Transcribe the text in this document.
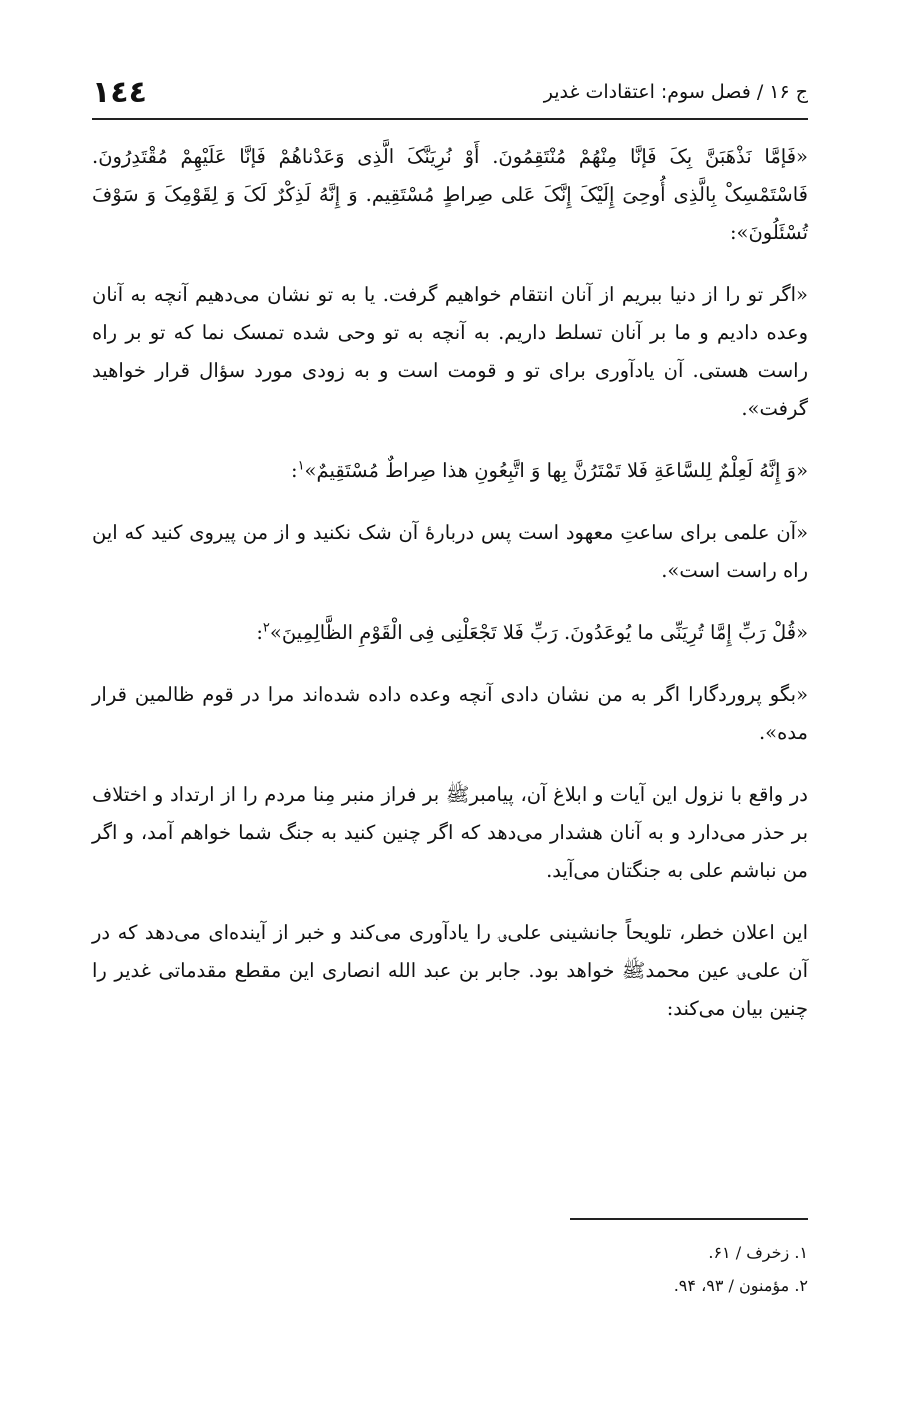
١٤٤	ج ١۶ / فصل سوم: اعتقادات غدیر

«فَإمَّا نَذْهَبَنَّ بِکَ فَإنَّا مِنْهُمْ مُنْتَقِمُونَ. أَوْ نُرِیَنَّکَ الَّذِی وَعَدْناهُمْ فَإنَّا عَلَیْهِمْ مُقْتَدِرُونَ. فَاسْتَمْسِکْ بِالَّذِی أُوحِیَ إِلَیْکَ إِنَّکَ عَلی صِراطٍ مُسْتَقِیم. وَ إِنَّهُ لَذِکْرٌ لَکَ وَ لِقَوْمِکَ وَ سَوْفَ تُسْئَلُونَ»:

«اگر تو را از دنیا ببریم از آنان انتقام خواهیم گرفت. یا به تو نشان می‌دهیم آنچه به آنان وعده دادیم و ما بر آنان تسلط داریم. به آنچه به تو وحی شده تمسک نما که تو بر راه راست هستی. آن یادآوری برای تو و قومت است و به زودی مورد سؤال قرار خواهید گرفت».

«وَ إِنَّهُ لَعِلْمٌ لِلسَّاعَةِ فَلا تَمْتَرُنَّ بِها وَ اتَّبِعُونِ هذا صِراطٌ مُسْتَقِیمٌ»$^١$:

«آن علمی برای ساعتِ معهود است پس دربارۀ آن شک نکنید و از من پیروی کنید که این راه راست است».

«قُلْ رَبِّ إِمَّا تُرِیَنِّی ما یُوعَدُونَ. رَبِّ فَلا تَجْعَلْنِی فِی الْقَوْمِ الظَّالِمِینَ»$^٢$:

«بگو پروردگارا اگر به من نشان دادی آنچه وعده داده شده‌اند مرا در قوم ظالمین قرار مده».

در واقع با نزول این آیات و ابلاغ آن، پیامبرﷺ بر فراز منبر مِنا مردم را از ارتداد و اختلاف بر حذر می‌دارد و به آنان هشدار می‌دهد که اگر چنین کنید به جنگ شما خواهم آمد، و اگر من نباشم علی به جنگتان می‌آید.

این اعلان خطر، تلویحاً جانشینی علی؈ را یادآوری می‌کند و خبر از آینده‌ای می‌دهد که در آن علی؈ عین محمدﷺ خواهد بود. جابر بن عبد الله انصاری این مقطع مقدماتی غدیر را چنین بیان می‌کند:

١. زخرف / ۶١.
٢. مؤمنون / ٩٣، ٩۴.
